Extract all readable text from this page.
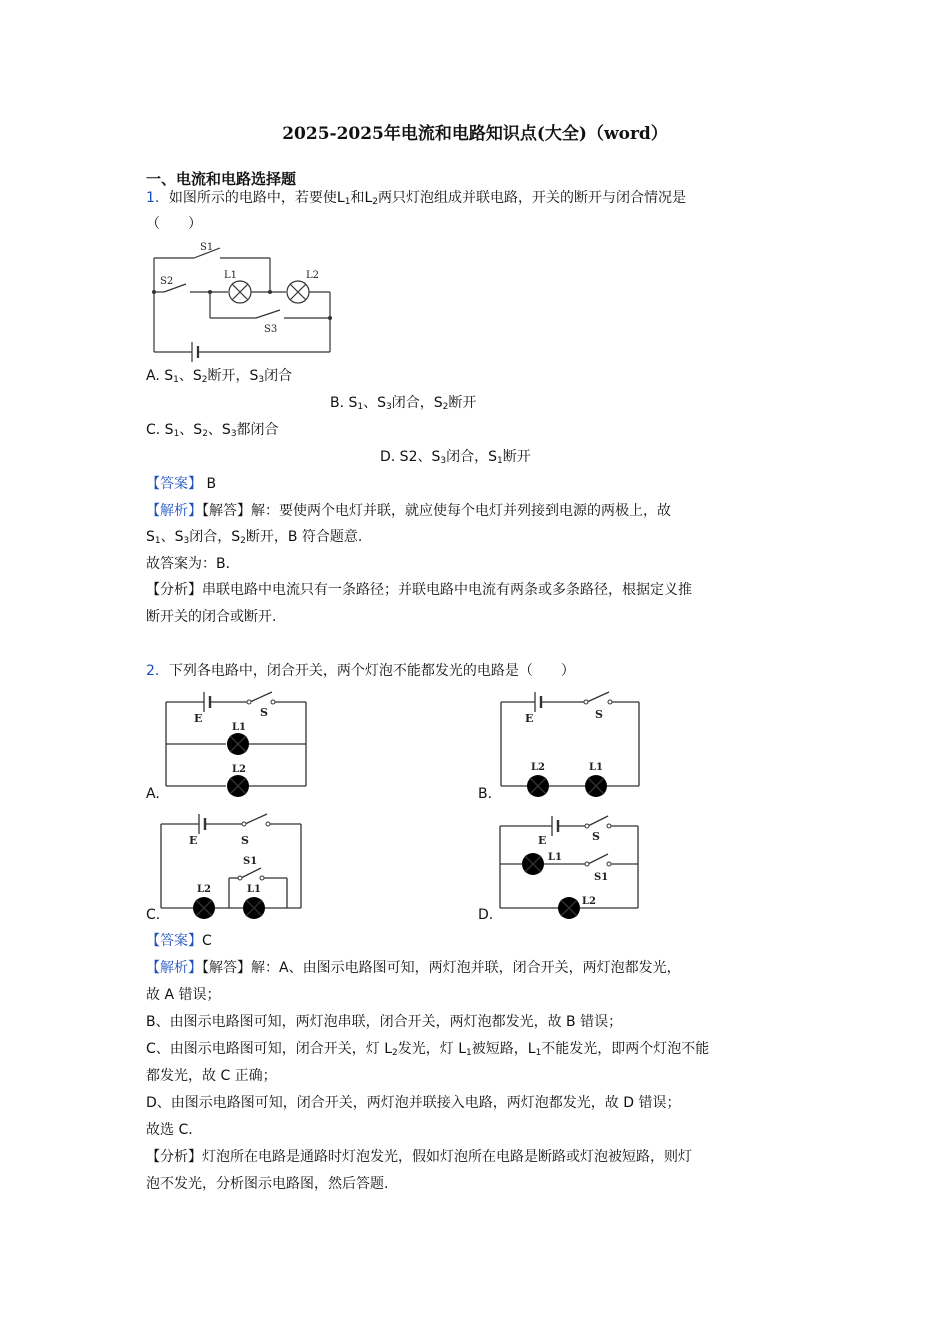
2025-2025年电流和电路知识点(大全)（word）
一、电流和电路选择题
1．如图所示的电路中，若要使$L_1$和$L_2$两只灯泡组成并联电路，开关的断开与闭合情况是
（　　）
S1
S2
L1	L2
S3
A. $S_1$、$S_2$断开，$S_3$闭合
B. $S_1$、$S_3$闭合，$S_2$断开
C. $S_1$、$S_2$、$S_3$都闭合
D. S2、$S_3$闭合，$S_1$断开
【答案】 B
【解析】【解答】解：要使两个电灯并联，就应使每个电灯并列接到电源的两极上，故
$S_1$、$S_3$闭合，$S_2$断开，B 符合题意.
故答案为：B．
【分析】串联电路中电流只有一条路径；并联电路中电流有两条或多条路径，根据定义推
断开关的闭合或断开.
2．下列各电路中，闭合开关，两个灯泡不能都发光的电路是（　　）
E	S
L1
L2
A.
E	S
L2	L1
B.
E	S
S1
L2	L1
C.
E	S
L1
S1
L2
D.
【答案】C
【解析】【解答】解：A、由图示电路图可知，两灯泡并联，闭合开关，两灯泡都发光，
故 A 错误；
B、由图示电路图可知，两灯泡串联，闭合开关，两灯泡都发光，故 B 错误；
C、由图示电路图可知，闭合开关，灯 $L_2$发光，灯 $L_1$被短路，$L_1$不能发光，即两个灯泡不能
都发光，故 C 正确；
D、由图示电路图可知，闭合开关，两灯泡并联接入电路，两灯泡都发光，故 D 错误；
故选 C．
【分析】灯泡所在电路是通路时灯泡发光，假如灯泡所在电路是断路或灯泡被短路，则灯
泡不发光，分析图示电路图，然后答题.
